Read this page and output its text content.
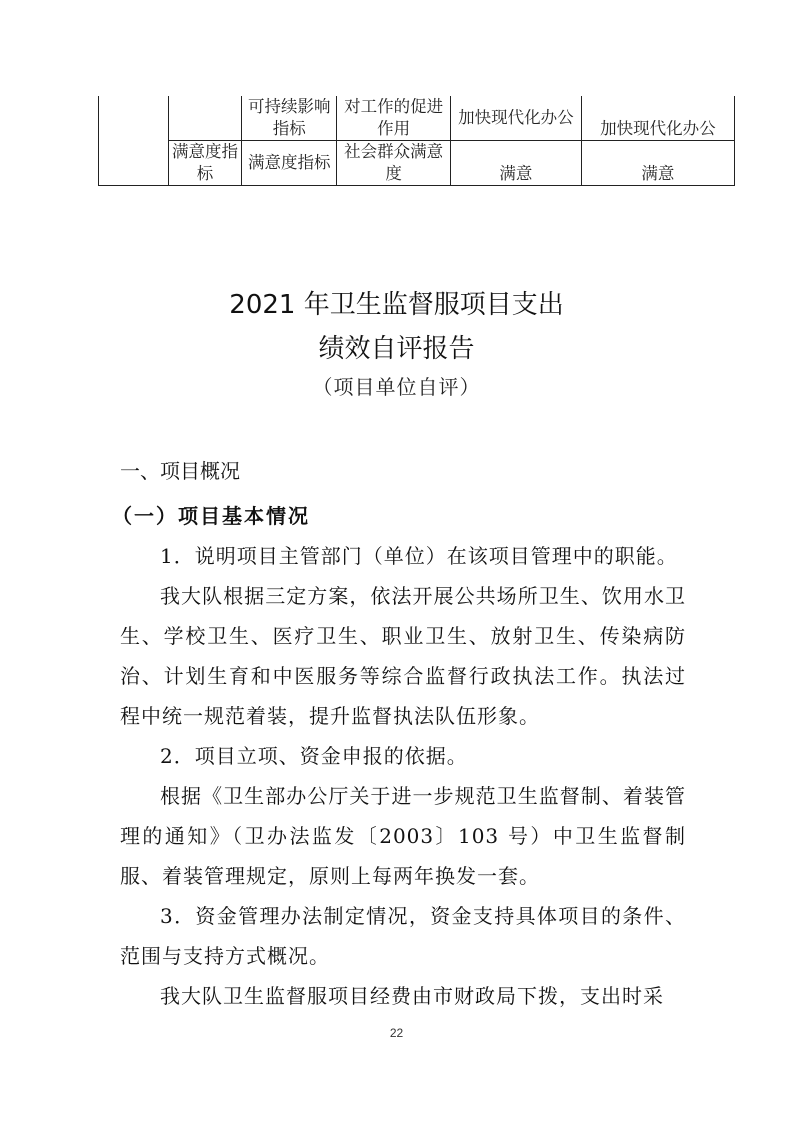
		可持续影响 指标	对工作的促进作用	加快现代化办公	加快现代化办公
	满意度指标	满意度指标	社会群众满意度	满意	满意
2021 年卫生监督服项目支出
绩效自评报告
（项目单位自评）
一、项目概况
（一）项目基本情况

1．说明项目主管部门（单位）在该项目管理中的职能。

我大队根据三定方案，依法开展公共场所卫生、饮用水卫生、学校卫生、医疗卫生、职业卫生、放射卫生、传染病防治、计划生育和中医服务等综合监督行政执法工作。执法过程中统一规范着装，提升监督执法队伍形象。

2．项目立项、资金申报的依据。

根据《卫生部办公厅关于进一步规范卫生监督制、着装管理的通知》（卫办法监发〔2003〕103 号）中卫生监督制服、着装管理规定，原则上每两年换发一套。

3．资金管理办法制定情况，资金支持具体项目的条件、范围与支持方式概况。

我大队卫生监督服项目经费由市财政局下拨，支出时采

22
